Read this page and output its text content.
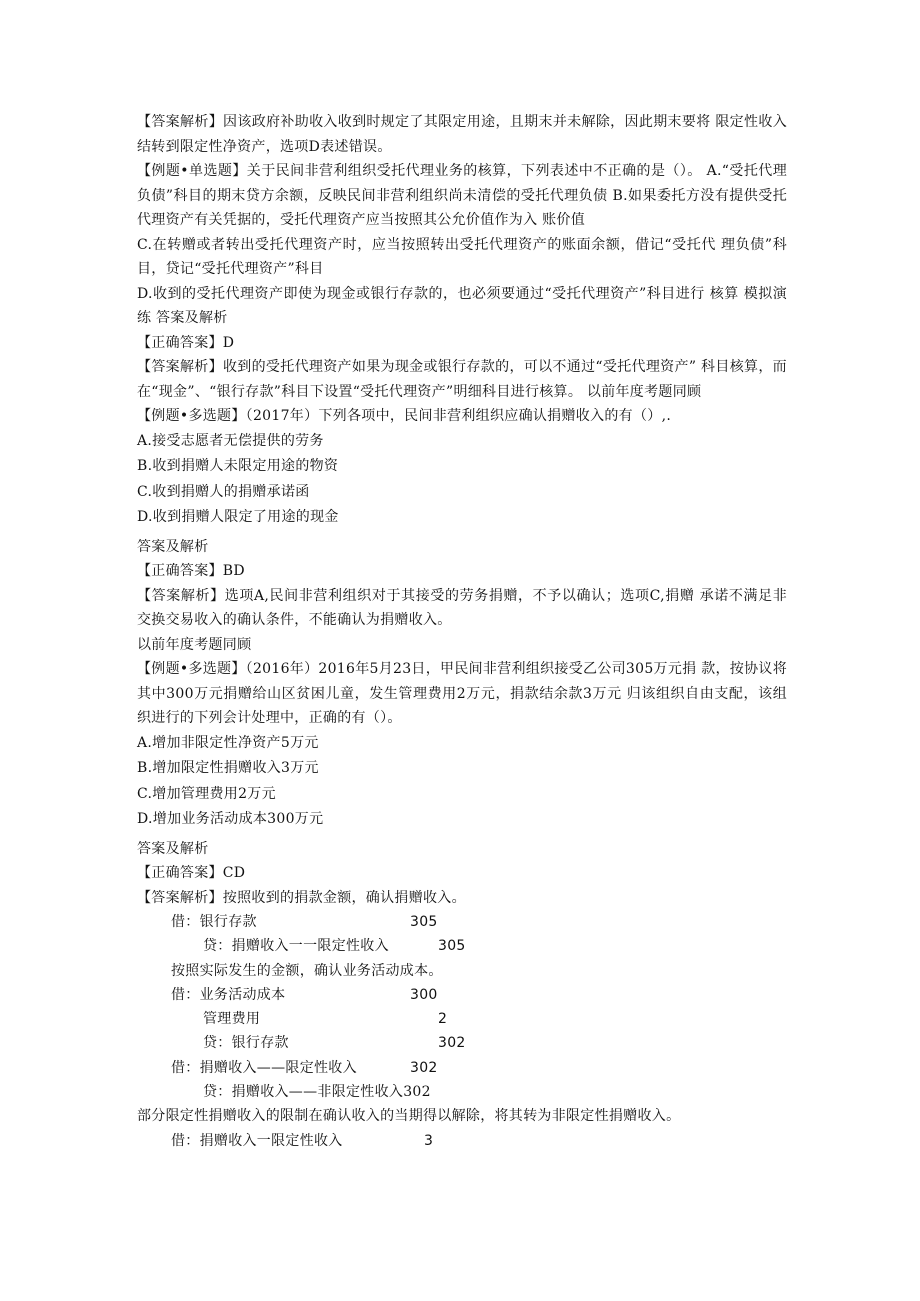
【答案解析】因该政府补助收入收到时规定了其限定用途，且期末并未解除，因此期末要将 限定性收入结转到限定性净资产，选项D表述错误。

【例题•单选题】关于民间非营利组织受托代理业务的核算，下列表述中不正确的是（）。 A.“受托代理负债”科目的期末贷方余额，反映民间非营利组织尚未清偿的受托代理负债 B.如果委托方没有提供受托代理资产有关凭据的，受托代理资产应当按照其公允价值作为入 账价值

C.在转赠或者转出受托代理资产时，应当按照转出受托代理资产的账面余额，借记“受托代 理负债”科目，贷记“受托代理资产”科目

D.收到的受托代理资产即使为现金或银行存款的，也必须要通过“受托代理资产”科目进行 核算 模拟演练 答案及解析

【正确答案】D

【答案解析】收到的受托代理资产如果为现金或银行存款的，可以不通过“受托代理资产” 科目核算，而在“现金”、“银行存款”科目下设置“受托代理资产”明细科目进行核算。 以前年度考题同顾

【例题•多选题】（2017年）下列各项中，民间非营利组织应确认捐赠收入的有（）,.

A.接受志愿者无偿提供的劳务

B.收到捐赠人未限定用途的物资

C.收到捐赠人的捐赠承诺函

D.收到捐赠人限定了用途的现金

答案及解析

【正确答案】BD

【答案解析】选项A,民间非营利组织对于其接受的劳务捐赠，不予以确认；选项C,捐赠 承诺不满足非交换交易收入的确认条件，不能确认为捐赠收入。

以前年度考题同顾

【例题•多选题】（2016年）2016年5月23日，甲民间非营利组织接受乙公司305万元捐 款，按协议将其中300万元捐赠给山区贫困儿童，发生管理费用2万元，捐款结余款3万元 归该组织自由支配，该组织进行的下列会计处理中，正确的有（）。

A.增加非限定性净资产5万元

B.增加限定性捐赠收入3万元

C.增加管理费用2万元

D.增加业务活动成本300万元

答案及解析

【正确答案】CD

【答案解析】按照收到的捐款金额，确认捐赠收入。

借：银行存款	305
贷：捐赠收入一一限定性收入	305
按照实际发生的金额，确认业务活动成本。
借：业务活动成本	300
管理费用	2
贷：银行存款	302
借：捐赠收入——限定性收入	302
贷：捐赠收入——非限定性收入302

部分限定性捐赠收入的限制在确认收入的当期得以解除，将其转为非限定性捐赠收入。

借：捐赠收入一限定性收入	3
